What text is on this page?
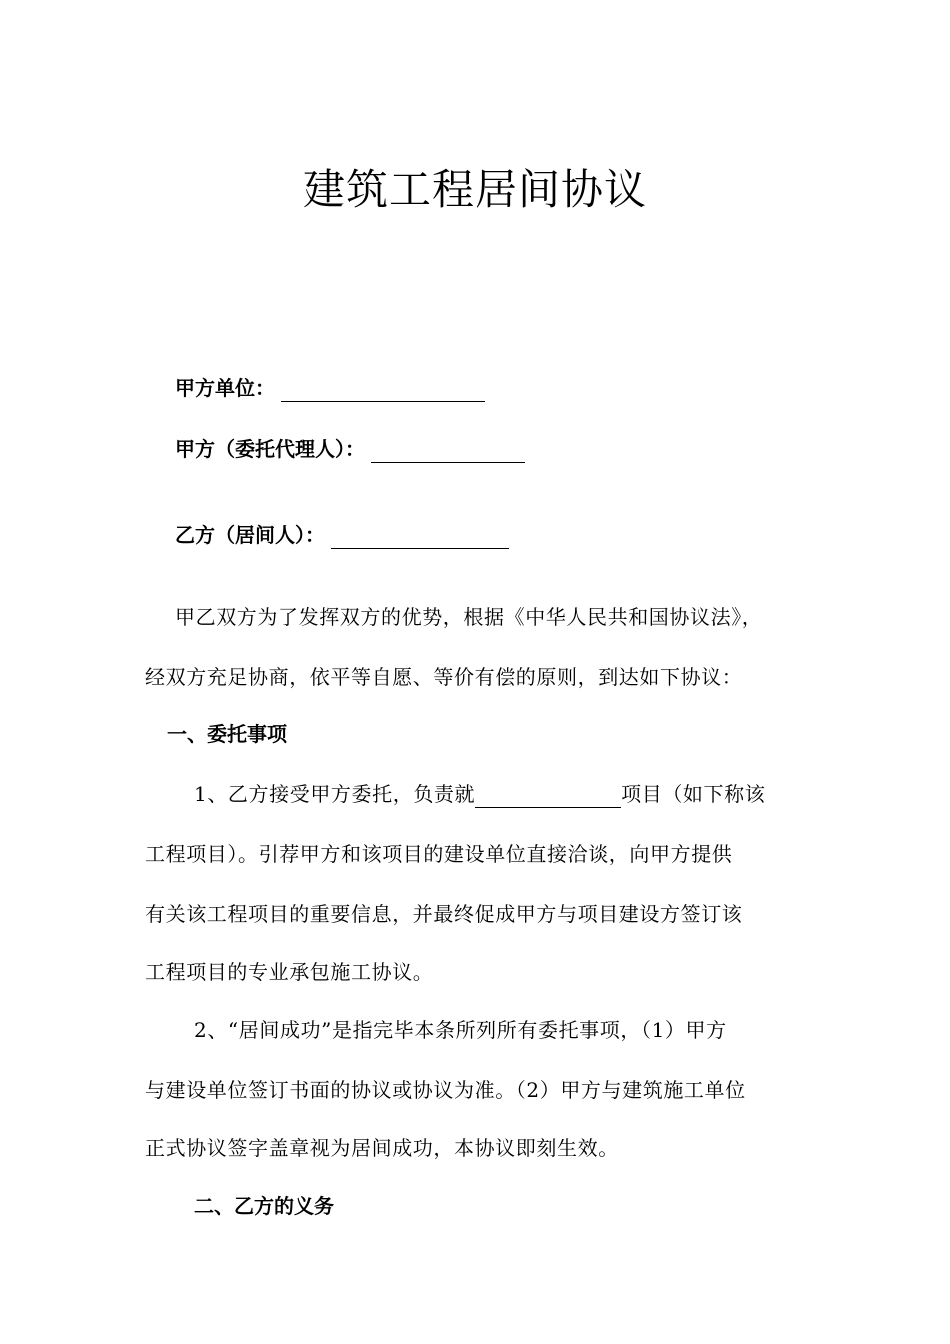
建筑工程居间协议
甲方单位：
甲方（委托代理人）：
乙方（居间人）：
甲乙双方为了发挥双方的优势，根据《中华人民共和国协议法》，
经双方充足协商，依平等自愿、等价有偿的原则，到达如下协议：
一、委托事项
1、乙方接受甲方委托，负责就	项目（如下称该
工程项目）。引荐甲方和该项目的建设单位直接洽谈，向甲方提供
有关该工程项目的重要信息，并最终促成甲方与项目建设方签订该
工程项目的专业承包施工协议。
2、“居间成功”是指完毕本条所列所有委托事项，（1）甲方
与建设单位签订书面的协议或协议为准。（2）甲方与建筑施工单位
正式协议签字盖章视为居间成功，本协议即刻生效。
二、乙方的义务
